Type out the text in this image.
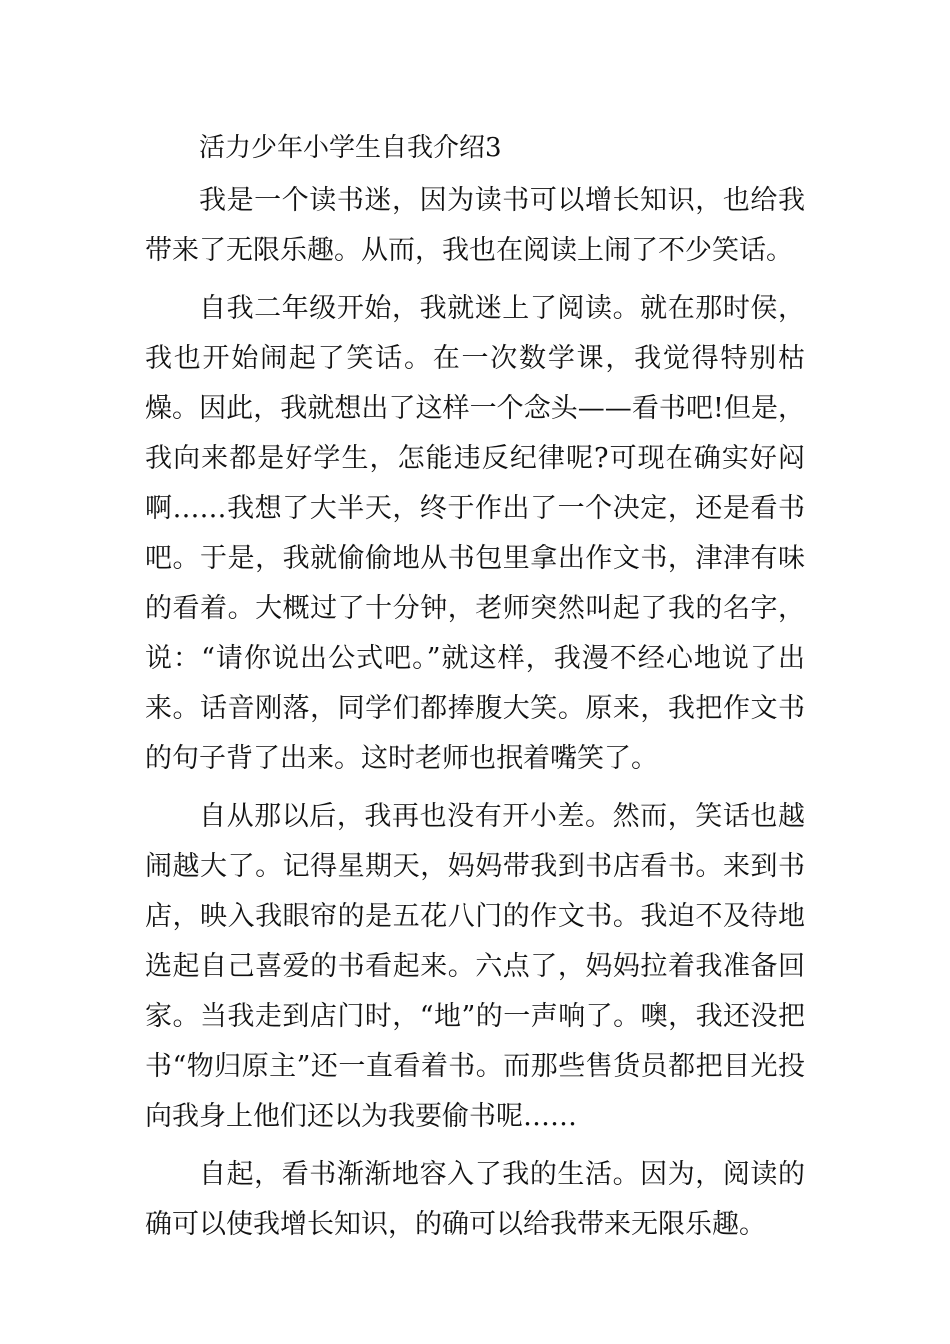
活力少年小学生自我介绍3

我是一个读书迷，因为读书可以增长知识，也给我带来了无限乐趣。从而，我也在阅读上闹了不少笑话。

自我二年级开始，我就迷上了阅读。就在那时侯，我也开始闹起了笑话。在一次数学课，我觉得特别枯燥。因此，我就想出了这样一个念头——看书吧!但是，我向来都是好学生，怎能违反纪律呢?可现在确实好闷啊……我想了大半天，终于作出了一个决定，还是看书吧。于是，我就偷偷地从书包里拿出作文书，津津有味的看着。大概过了十分钟，老师突然叫起了我的名字，说：“请你说出公式吧。”就这样，我漫不经心地说了出来。话音刚落，同学们都捧腹大笑。原来，我把作文书的句子背了出来。这时老师也抿着嘴笑了。

自从那以后，我再也没有开小差。然而，笑话也越闹越大了。记得星期天，妈妈带我到书店看书。来到书店，映入我眼帘的是五花八门的作文书。我迫不及待地选起自己喜爱的书看起来。六点了，妈妈拉着我准备回家。当我走到店门时，“地”的一声响了。噢，我还没把书“物归原主”还一直看着书。而那些售货员都把目光投向我身上他们还以为我要偷书呢……

自起，看书渐渐地容入了我的生活。因为，阅读的确可以使我增长知识，的确可以给我带来无限乐趣。
